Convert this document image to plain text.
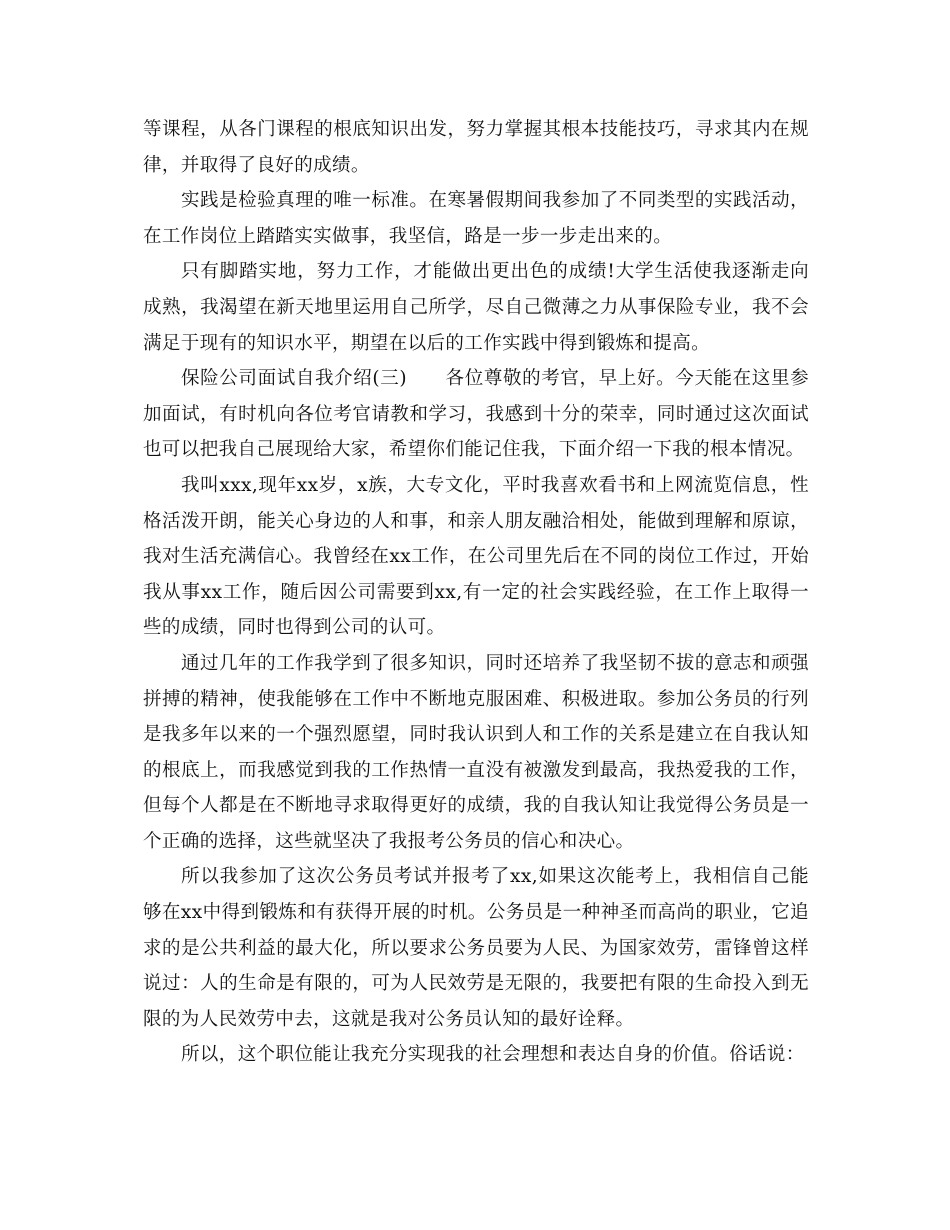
等课程，从各门课程的根底知识出发，努力掌握其根本技能技巧，寻求其内在规律，并取得了良好的成绩。

实践是检验真理的唯一标准。在寒暑假期间我参加了不同类型的实践活动，在工作岗位上踏踏实实做事，我坚信，路是一步一步走出来的。

只有脚踏实地，努力工作，才能做出更出色的成绩!大学生活使我逐渐走向成熟，我渴望在新天地里运用自己所学，尽自己微薄之力从事保险专业，我不会满足于现有的知识水平，期望在以后的工作实践中得到锻炼和提高。

保险公司面试自我介绍(三)　　各位尊敬的考官，早上好。今天能在这里参加面试，有时机向各位考官请教和学习，我感到十分的荣幸，同时通过这次面试也可以把我自己展现给大家，希望你们能记住我，下面介绍一下我的根本情况。

我叫xxx,现年xx岁，x族，大专文化，平时我喜欢看书和上网流览信息，性格活泼开朗，能关心身边的人和事，和亲人朋友融洽相处，能做到理解和原谅，我对生活充满信心。我曾经在xx工作，在公司里先后在不同的岗位工作过，开始我从事xx工作，随后因公司需要到xx,有一定的社会实践经验，在工作上取得一些的成绩，同时也得到公司的认可。

通过几年的工作我学到了很多知识，同时还培养了我坚韧不拔的意志和顽强拼搏的精神，使我能够在工作中不断地克服困难、积极进取。参加公务员的行列是我多年以来的一个强烈愿望，同时我认识到人和工作的关系是建立在自我认知的根底上，而我感觉到我的工作热情一直没有被激发到最高，我热爱我的工作，但每个人都是在不断地寻求取得更好的成绩，我的自我认知让我觉得公务员是一个正确的选择，这些就坚决了我报考公务员的信心和决心。

所以我参加了这次公务员考试并报考了xx,如果这次能考上，我相信自己能够在xx中得到锻炼和有获得开展的时机。公务员是一种神圣而高尚的职业，它追求的是公共利益的最大化，所以要求公务员要为人民、为国家效劳，雷锋曾这样说过：人的生命是有限的，可为人民效劳是无限的，我要把有限的生命投入到无限的为人民效劳中去，这就是我对公务员认知的最好诠释。

所以，这个职位能让我充分实现我的社会理想和表达自身的价值。俗话说：
